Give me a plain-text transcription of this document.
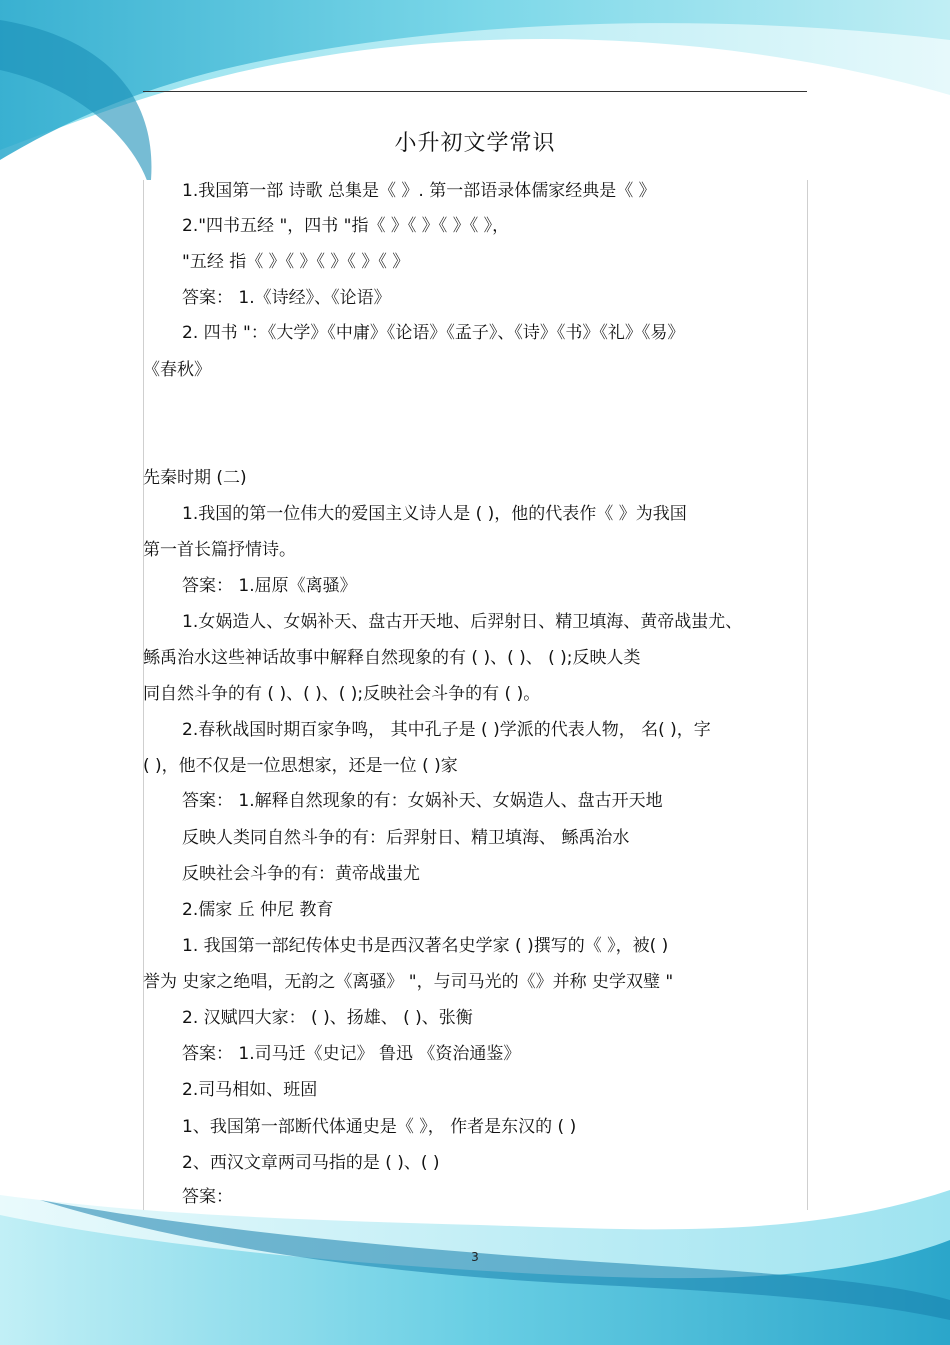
小升初文学常识
1.我国第一部 诗歌 总集是《 》. 第一部语录体儒家经典是《 》
2."四书五经 "，四书 "指《 》《 》《 》《 》，
"五经 指《 》《 》《 》《 》《 》
答案： 1.《诗经》、《论语》
2. 四书 "：《大学》《中庸》《论语》《孟子》、《诗》《书》《礼》《易》
《春秋》
先秦时期 (二)
1.我国的第一位伟大的爱国主义诗人是 ( )，他的代表作《 》为我国
第一首长篇抒情诗。
答案： 1.屈原《离骚》
1.女娲造人、女娲补天、盘古开天地、后羿射日、精卫填海、黄帝战蚩尤、
鲧禹治水这些神话故事中解释自然现象的有 ( )、( )、 ( );反映人类
同自然斗争的有 ( )、( )、( );反映社会斗争的有 ( )。
2.春秋战国时期百家争鸣， 其中孔子是 ( )学派的代表人物， 名( )，字
( )，他不仅是一位思想家，还是一位 ( )家
答案： 1.解释自然现象的有：女娲补天、女娲造人、盘古开天地
反映人类同自然斗争的有：后羿射日、精卫填海、 鲧禹治水
反映社会斗争的有：黄帝战蚩尤
2.儒家 丘 仲尼 教育
1. 我国第一部纪传体史书是西汉著名史学家 ( )撰写的《 》，被( )
誉为 史家之绝唱，无韵之《离骚》 "，与司马光的《》并称 史学双璧 "
2. 汉赋四大家： ( )、扬雄、 ( )、张衡
答案： 1.司马迁《史记》 鲁迅 《资治通鉴》
2.司马相如、班固
1、我国第一部断代体通史是《 》， 作者是东汉的 ( )
2、西汉文章两司马指的是 ( )、( )
答案：
3
